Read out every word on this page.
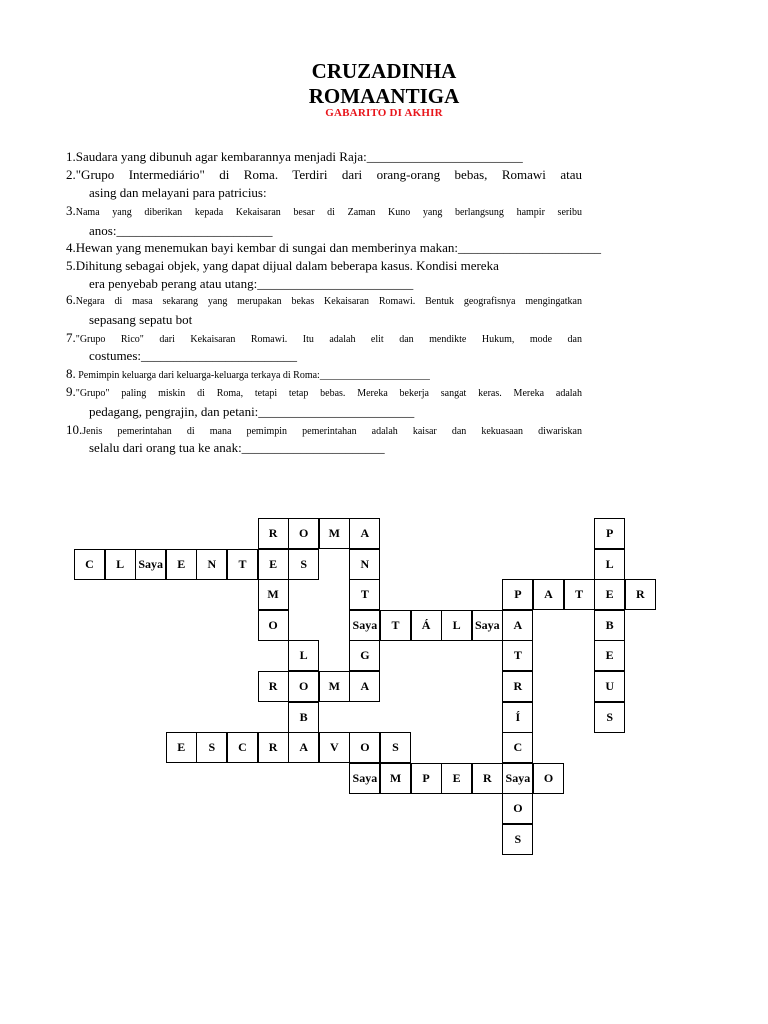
CRUZADINHA
ROMAANTIGA
GABARITO DI AKHIR
1.Saudara yang dibunuh agar kembarannya menjadi Raja:________________________
2."Grupo Intermediário" di Roma. Terdiri dari orang-orang bebas, Romawi atau
asing dan melayani para patricius:
3.Nama yang diberikan kepada Kekaisaran besar di Zaman Kuno yang berlangsung hampir seribu
anos:________________________
4.Hewan yang menemukan bayi kembar di sungai dan memberinya makan:______________________
5.Dihitung sebagai objek, yang dapat dijual dalam beberapa kasus. Kondisi mereka
era penyebab perang atau utang:________________________
6.Negara di masa sekarang yang merupakan bekas Kekaisaran Romawi. Bentuk geografisnya mengingatkan
sepasang sepatu bot
7."Grupo Rico" dari Kekaisaran Romawi. Itu adalah elit dan mendikte Hukum, mode dan
costumes:________________________
8. Pemimpin keluarga dari keluarga-keluarga terkaya di Roma:______________________
9."Grupo" paling miskin di Roma, tetapi tetap bebas. Mereka bekerja sangat keras. Mereka adalah
pedagang, pengrajin, dan petani:________________________
10.Jenis pemerintahan di mana pemimpin pemerintahan adalah kaisar dan kekuasaan diwariskan
selalu dari orang tua ke anak:______________________
R	O	M	A	P
C	L	Saya	E	N	T	E	S	N	L
M	T	P	A	T	E	R
O	Saya	T	Á	L	Saya	A	B
L	G	T	E
R	O	M	A	R	U
B	Í	S
E	S	C	R	A	V	O	S	C
Saya	M	P	E	R	Saya	O
O
S
